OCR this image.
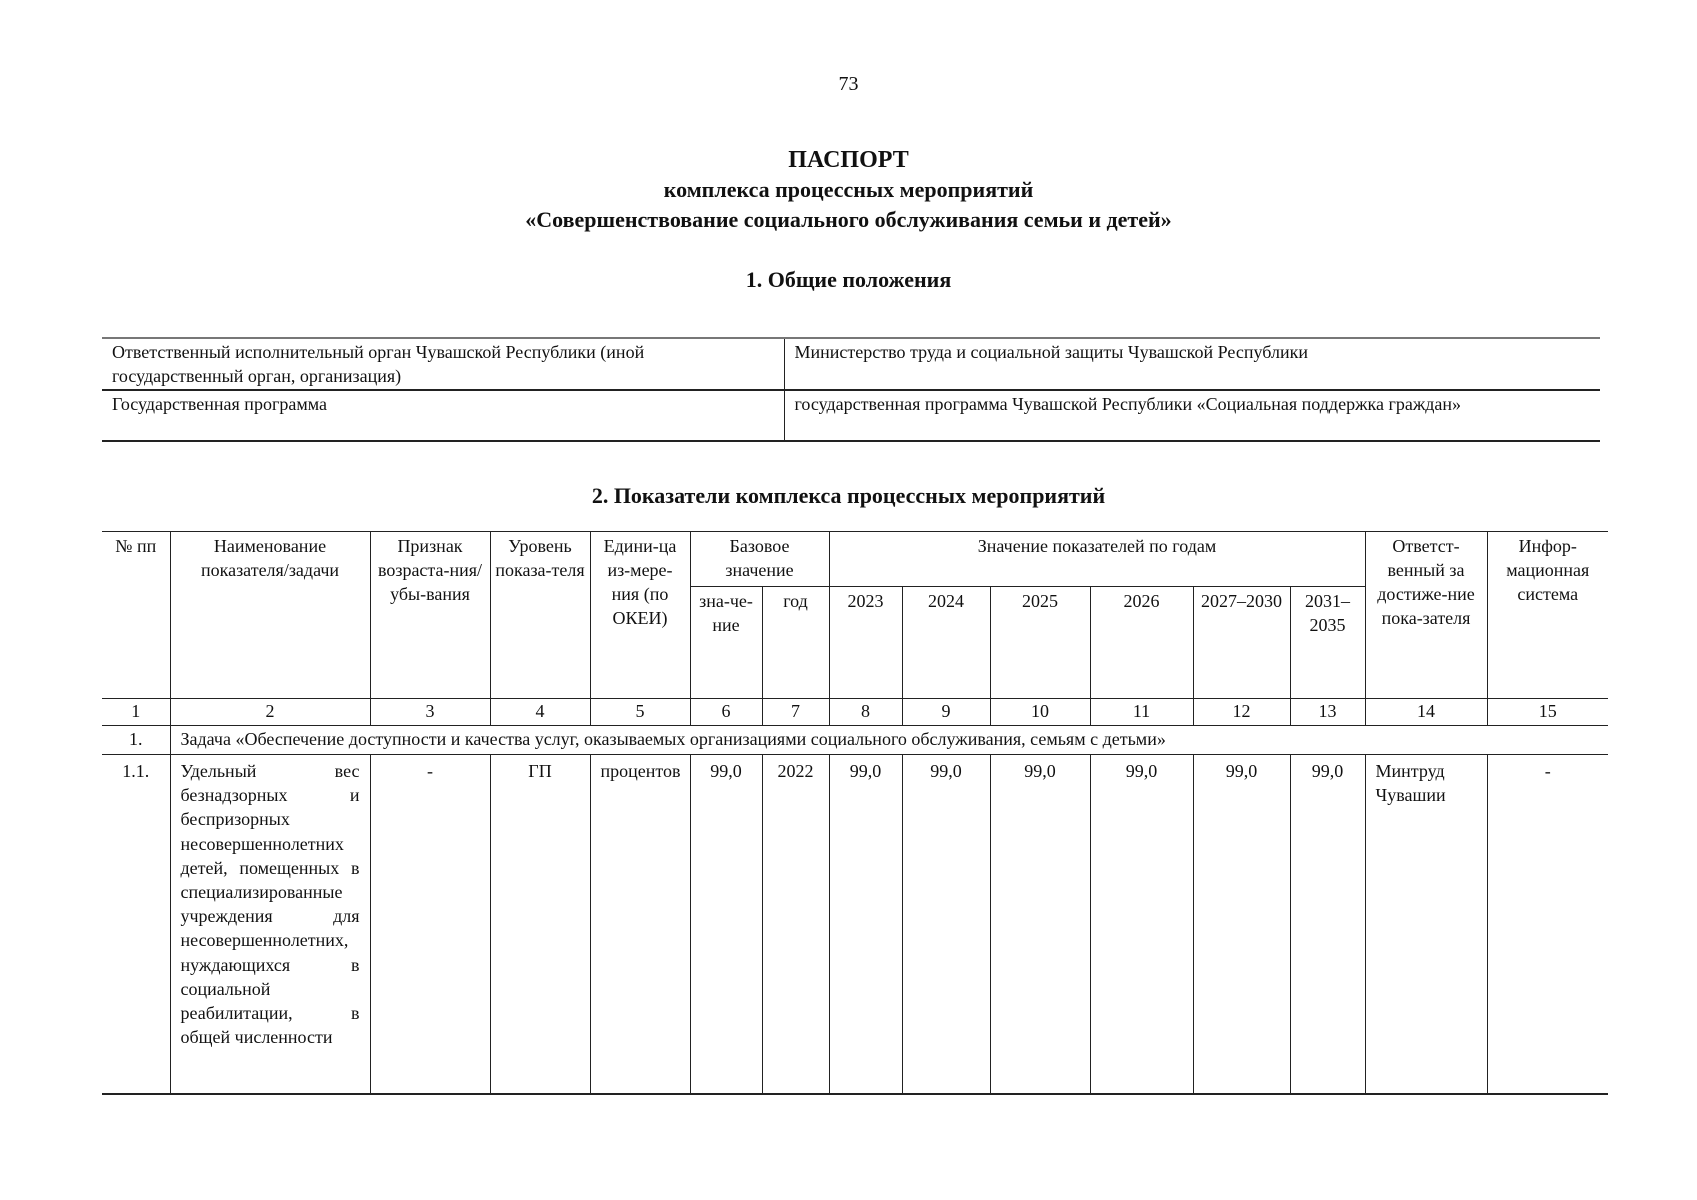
73
ПАСПОРТ
комплекса процессных мероприятий
«Совершенствование социального обслуживания семьи и детей»
1. Общие положения
Ответственный исполнительный орган Чувашской Республики (иной государственный орган, организация)	Министерство труда и социальной защиты Чувашской Республики
Государственная программа	государственная программа Чувашской Республики «Социальная поддержка граждан»
2. Показатели комплекса процессных мероприятий
№ пп	Наименование показателя/задачи	Признак возраста-ния/убы-вания	Уровень показа-теля	Едини-ца из-мере-ния (по ОКЕИ)	Базовое значение		Значение показателей по годам						Ответст-венный за достиже-ние пока-зателя	Инфор-мационная система
					зна-че-ние	год	2023	2024	2025	2026	2027–2030	2031–2035		
1	2	3	4	5	6	7	8	9	10	11	12	13	14	15
1.	Задача «Обеспечение доступности и качества услуг, оказываемых организациями социального обслуживания, семьям с детьми»													
1.1.	Удельный вес безнадзорных и беспризорных несовершеннолетних детей, помещенных в специализированные учреждения для несовершеннолетних, нуждающихся в социальной реабилитации, в общей численности	-	ГП	процентов	99,0	2022	99,0	99,0	99,0	99,0	99,0	99,0	Минтруд Чувашии	-
